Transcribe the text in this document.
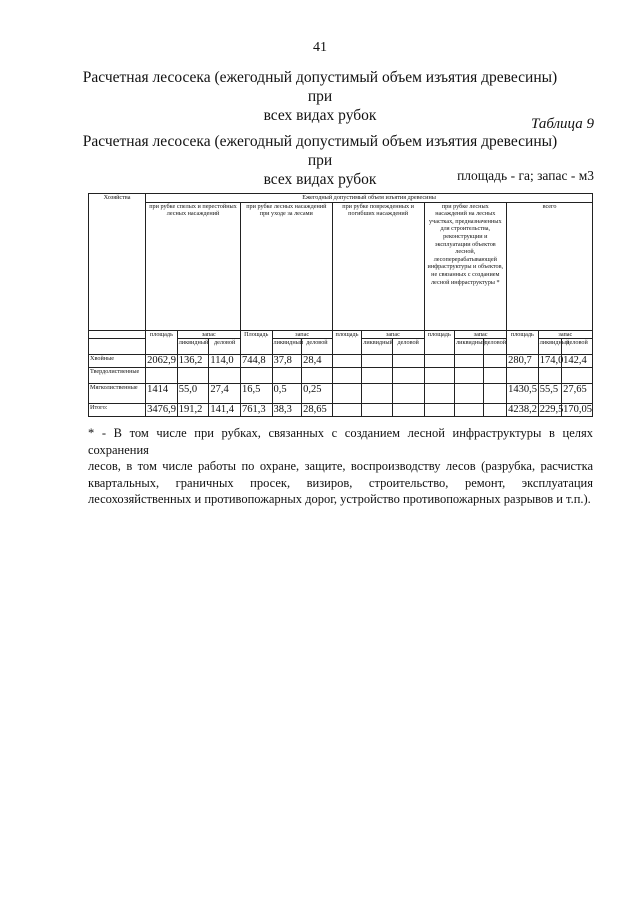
41
Расчетная лесосека (ежегодный допустимый объем изъятия древесины) при
всех видах рубок	Таблица 9
Расчетная лесосека (ежегодный допустимый объем изъятия древесины) при
всех видах рубок	площадь - га; запас - м3
Хозяйства	Ежегодный допустимый объем изъятия древесины														
	при рубке спелых и перестойных лесных насаждений			при рубке лесных насаждений при уходе за лесами			при рубке поврежденных и погибших насаждений			при рубке лесных насаждений на лесных участках, предназначенных для строительства, реконструкции и эксплуатации объектов лесной, лесоперерабатывающей инфраструктуры и объектов, не связанных с созданием лесной инфраструктуры *			всего		
	площадь	запас		Площадь	запас		площадь	запас		площадь	запас		площадь	запас	
		ликвидный	деловой		ликвидный	деловой		ликвидный	деловой		ликвидный	деловой		ликвидный	деловой
Хвойные	2062,9	136,2	114,0	744,8	37,8	28,4							280,7	174,0	142,4
Твердолиственные															
Мягколиственные	1414	55,0	27,4	16,5	0,5	0,25							1430,5	55,5	27,65
Итого:	3476,9	191,2	141,4	761,3	38,3	28,65							4238,2	229,5	170,05
* - В том числе при рубках, связанных с созданием лесной инфраструктуры в целях сохранения
лесов, в том числе работы по охране, защите, воспроизводству лесов (разрубка, расчистка
квартальных, граничных просек, визиров, строительство, ремонт, эксплуатация
лесохозяйственных и противопожарных дорог, устройство противопожарных разрывов и т.п.).
